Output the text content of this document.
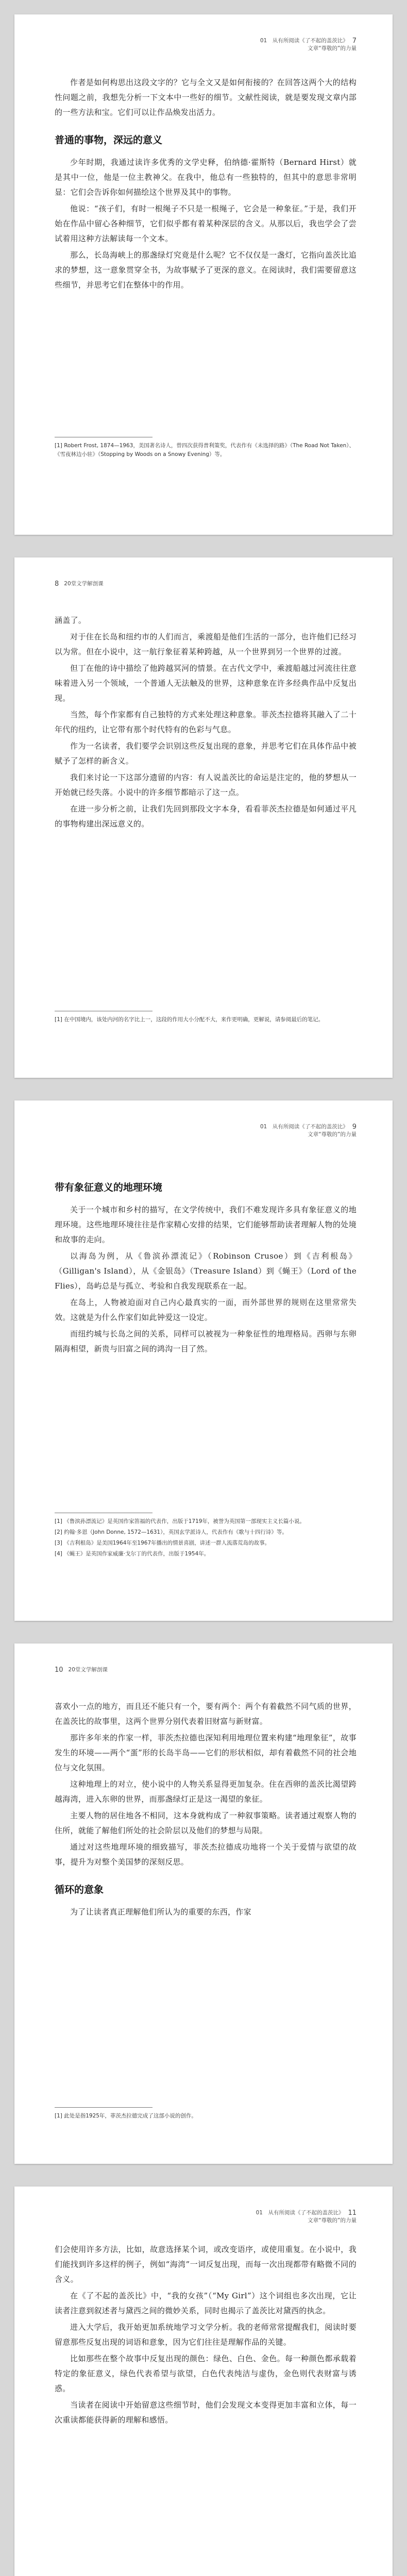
01　从有所阅读《了不起的盖茨比》 7
文章“尊敬的”的力量

作者是如何构思出这段文字的？它与全文又是如何衔接的？在回答这两个大的结构性问题之前，我想先分析一下文本中一些好的细节。文献性阅读，就是要发现文章内部的一些方法和宝。它们可以让作品焕发出活力。

普通的事物，深远的意义

少年时期，我通过读许多优秀的文学史释，伯纳德·霍斯特（Bernard Hirst）就是其中一位，他是一位主教神父。在我中，他总有一些独特的，但其中的意思非常明显：它们会告诉你如何描绘这个世界及其中的事物。

他说：“孩子们，有时一根绳子不只是一根绳子，它会是一种象征。”于是，我们开始在作品中留心各种细节，它们似乎都有着某种深层的含义。从那以后，我也学会了尝试着用这种方法解读每一个文本。

那么，长岛海峡上的那盏绿灯究竟是什么呢？它不仅仅是一盏灯，它指向盖茨比追求的梦想，这一意象贯穿全书，为故事赋予了更深的意义。在阅读时，我们需要留意这些细节，并思考它们在整体中的作用。

[1] Robert Frost, 1874—1963，美国著名诗人，曾四次获得普利策奖，代表作有《未选择的路》（The Road Not Taken）、《雪夜林边小驻》（Stopping by Woods on a Snowy Evening）等。
8 20堂文学解剖课

涵盖了。

对于住在长岛和纽约市的人们而言，乘渡船是他们生活的一部分，也许他们已经习以为常。但在小说中，这一航行象征着某种跨越，从一个世界到另一个世界的过渡。

但丁在他的诗中描绘了他跨越冥河的情景。在古代文学中，乘渡船越过河流往往意味着进入另一个领域，一个普通人无法触及的世界，这种意象在许多经典作品中反复出现。

当然，每个作家都有自己独特的方式来处理这种意象。菲茨杰拉德将其融入了二十年代的纽约，让它带有那个时代特有的色彩与气息。

作为一名读者，我们要学会识别这些反复出现的意象，并思考它们在具体作品中被赋予了怎样的新含义。

我们来讨论一下这部分遗留的内容：有人说盖茨比的命运是注定的，他的梦想从一开始就已经失落。小说中的许多细节都暗示了这一点。

在进一步分析之前，让我们先回到那段文字本身，看看菲茨杰拉德是如何通过平凡的事物构建出深远意义的。

[1] 在中国境内，该处内河的名字比上一，这段的作用大小分配不大，来作更明确，更解说，请参阅最后的笔记。
01　从有所阅读《了不起的盖茨比》 9
文章“尊敬的”的力量
带有象征意义的地理环境

关于一个城市和乡村的描写，在文学传统中，我们不难发现许多具有象征意义的地理环境。这些地理环境往往是作家精心安排的结果，它们能够帮助读者理解人物的处境和故事的走向。

以海岛为例，从《鲁滨孙漂流记》（Robinson Crusoe）到《吉利根岛》（Gilligan's Island），从《金银岛》（Treasure Island）到《蝇王》（Lord of the Flies），岛屿总是与孤立、考验和自我发现联系在一起。

在岛上，人物被迫面对自己内心最真实的一面，而外部世界的规则在这里常常失效。这就是为什么作家们如此钟爱这一设定。

而纽约城与长岛之间的关系，同样可以被视为一种象征性的地理格局。西卵与东卵隔海相望，新贵与旧富之间的鸿沟一目了然。

[1] 《鲁滨孙漂流记》是英国作家笛福的代表作，出版于1719年，被誉为英国第一部现实主义长篇小说。
[2] 约翰·多恩（John Donne, 1572—1631），英国玄学派诗人，代表作有《歌与十四行诗》等。
[3] 《吉利根岛》是美国1964年至1967年播出的情景喜剧，讲述一群人流落荒岛的故事。
[4] 《蝇王》是英国作家威廉·戈尔丁的代表作，出版于1954年。
10 20堂文学解剖课

喜欢小一点的地方，而且还不能只有一个，要有两个：两个有着截然不同气质的世界，在盖茨比的故事里，这两个世界分别代表着旧财富与新财富。

那许多年来的作家一样，菲茨杰拉德也深知利用地理位置来构建“地理象征”，故事发生的环境——两个“蛋”形的长岛半岛——它们的形状相似，却有着截然不同的社会地位与文化氛围。

这种地理上的对立，使小说中的人物关系显得更加复杂。住在西卵的盖茨比渴望跨越海湾，进入东卵的世界，而那盏绿灯正是这一渴望的象征。

主要人物的居住地各不相同，这本身就构成了一种叙事策略。读者通过观察人物的住所，就能了解他们所处的社会阶层以及他们的梦想与局限。

通过对这些地理环境的细致描写，菲茨杰拉德成功地将一个关于爱情与欲望的故事，提升为对整个美国梦的深刻反思。

循环的意象

为了让读者真正理解他们所认为的重要的东西，作家

[1] 此处是指1925年，菲茨杰拉德完成了这部小说的创作。
01　从有所阅读《了不起的盖茨比》 11
文章“尊敬的”的力量

们会使用许多方法，比如，故意选择某个词，或改变语序，或使用重复。在小说中，我们能找到许多这样的例子，例如“海湾”一词反复出现，而每一次出现都带有略微不同的含义。

在《了不起的盖茨比》中，“我的女孩”（“My Girl”）这个词组也多次出现，它让读者注意到叙述者与黛西之间的微妙关系，同时也揭示了盖茨比对黛西的执念。

进入大学后，我开始更加系统地学习文学分析。我的老师常常提醒我们，阅读时要留意那些反复出现的词语和意象，因为它们往往是理解作品的关键。

比如那些在整个故事中反复出现的颜色：绿色、白色、金色。每一种颜色都承载着特定的象征意义，绿色代表希望与欲望，白色代表纯洁与虚伪，金色则代表财富与诱惑。

当读者在阅读中开始留意这些细节时，他们会发现文本变得更加丰富和立体，每一次重读都能获得新的理解和感悟。
